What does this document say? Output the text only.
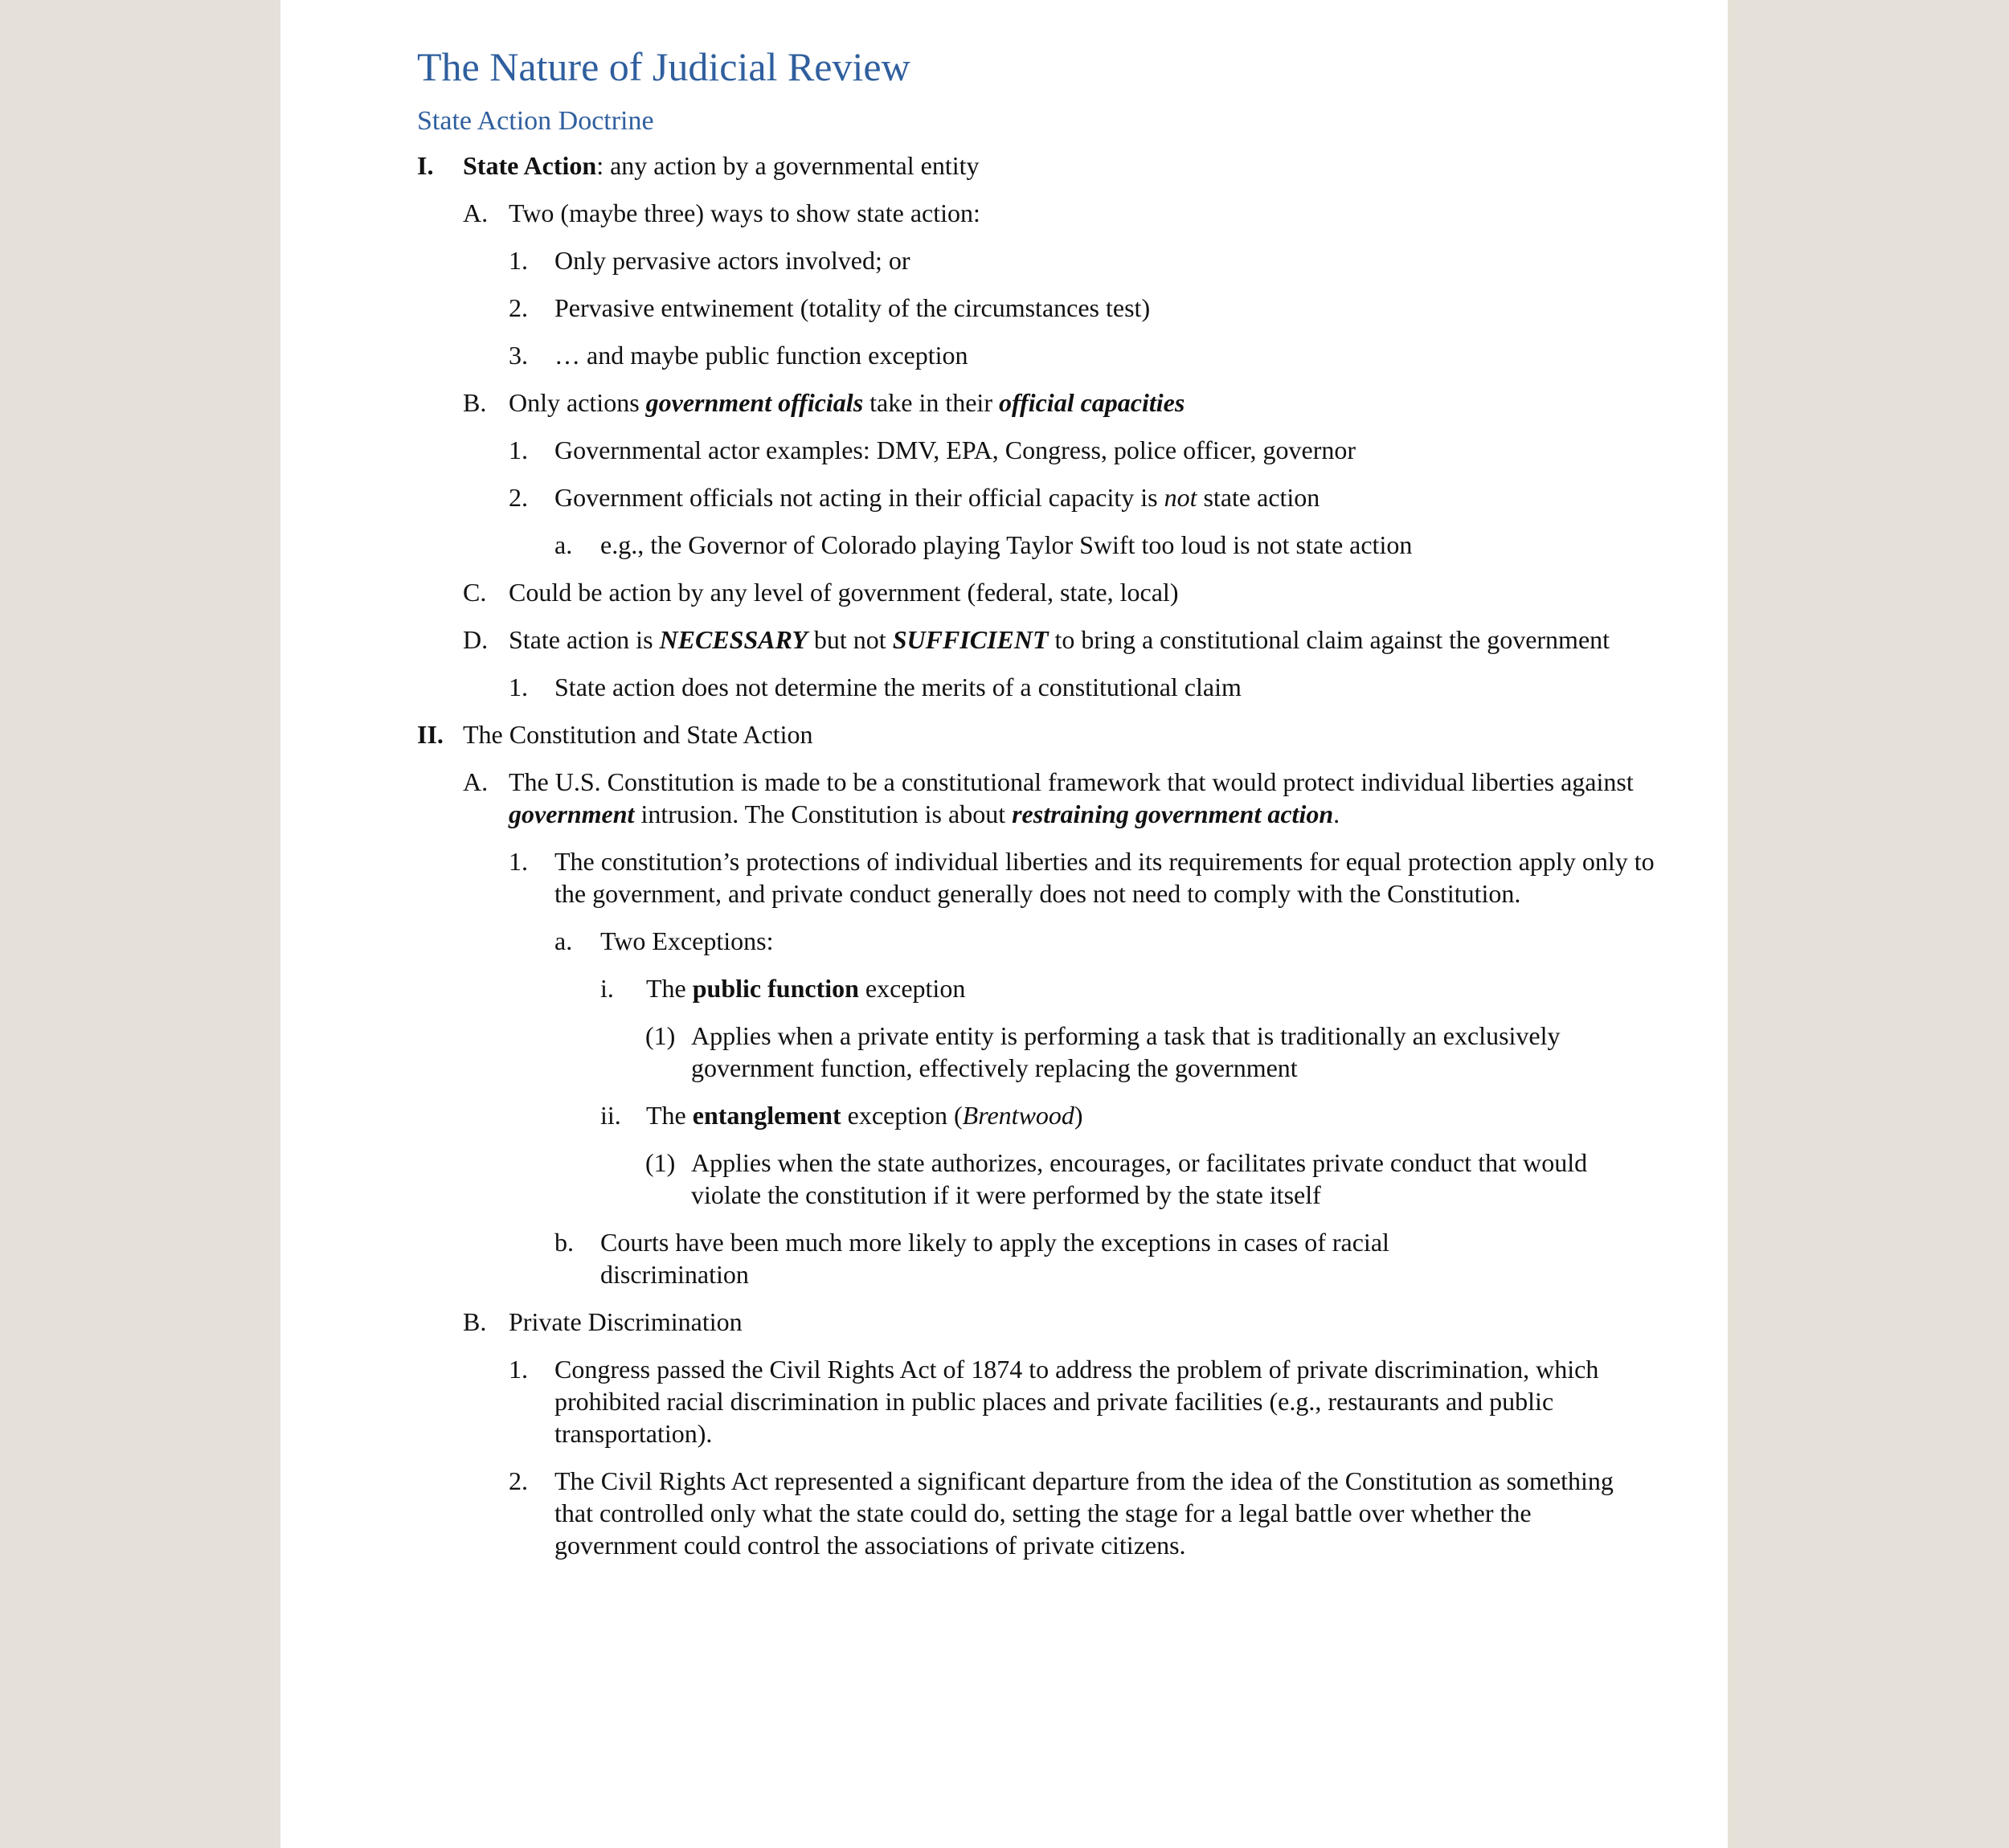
The Nature of Judicial Review
State Action Doctrine
I. State Action: any action by a governmental entity
A. Two (maybe three) ways to show state action:
1. Only pervasive actors involved; or
2. Pervasive entwinement (totality of the circumstances test)
3. … and maybe public function exception
B. Only actions government officials take in their official capacities
1. Governmental actor examples: DMV, EPA, Congress, police officer, governor
2. Government officials not acting in their official capacity is not state action
a. e.g., the Governor of Colorado playing Taylor Swift too loud is not state action
C. Could be action by any level of government (federal, state, local)
D. State action is NECESSARY but not SUFFICIENT to bring a constitutional claim against the government
1. State action does not determine the merits of a constitutional claim
II. The Constitution and State Action
A. The U.S. Constitution is made to be a constitutional framework that would protect individual liberties against government intrusion. The Constitution is about restraining government action.
1. The constitution’s protections of individual liberties and its requirements for equal protection apply only to the government, and private conduct generally does not need to comply with the Constitution.
a. Two Exceptions:
i. The public function exception
(1) Applies when a private entity is performing a task that is traditionally an exclusively government function, effectively replacing the government
ii. The entanglement exception (Brentwood)
(1) Applies when the state authorizes, encourages, or facilitates private conduct that would violate the constitution if it were performed by the state itself
b. Courts have been much more likely to apply the exceptions in cases of racial discrimination
B. Private Discrimination
1. Congress passed the Civil Rights Act of 1874 to address the problem of private discrimination, which prohibited racial discrimination in public places and private facilities (e.g., restaurants and public transportation).
2. The Civil Rights Act represented a significant departure from the idea of the Constitution as something that controlled only what the state could do, setting the stage for a legal battle over whether the government could control the associations of private citizens.
